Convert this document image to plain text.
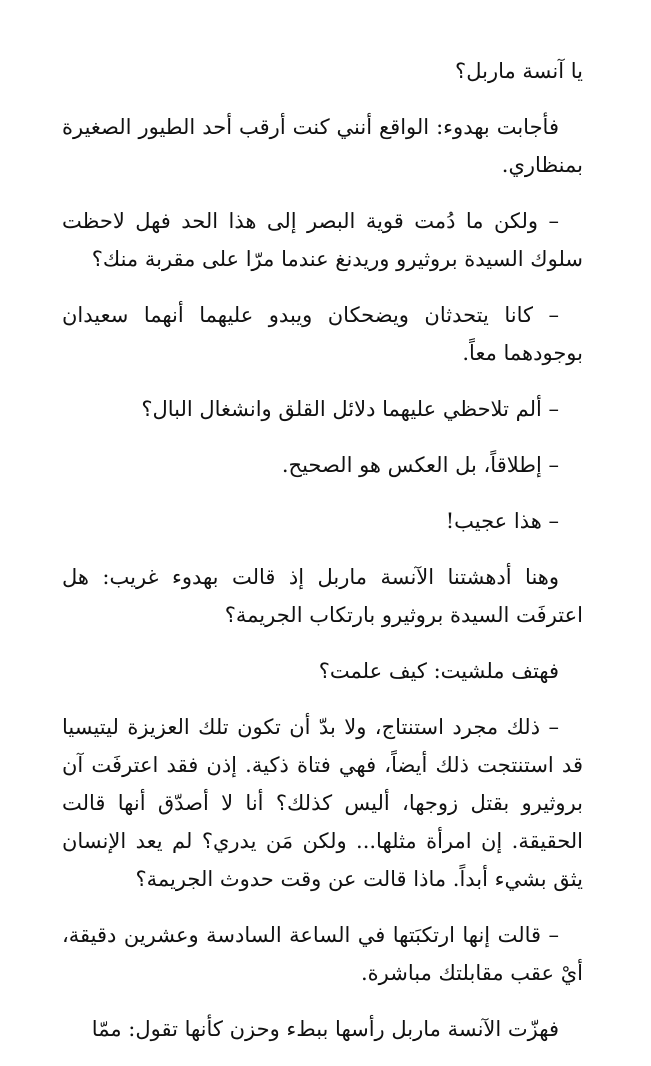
يا آنسة ماربل؟

فأجابت بهدوء: الواقع أنني كنت أرقب أحد الطيور الصغيرة بمنظاري.

– ولكن ما دُمت قوية البصر إلى هذا الحد فهل لاحظت سلوك السيدة بروثيرو وريدنغ عندما مرّا على مقربة منك؟

– كانا يتحدثان ويضحكان ويبدو عليهما أنهما سعيدان بوجودهما معاً.

– ألم تلاحظي عليهما دلائل القلق وانشغال البال؟

– إطلاقاً، بل العكس هو الصحيح.

– هذا عجيب!

وهنا أدهشتنا الآنسة ماربل إذ قالت بهدوء غريب: هل اعترفَت السيدة بروثيرو بارتكاب الجريمة؟

فهتف ملشيت: كيف علمت؟

– ذلك مجرد استنتاج، ولا بدّ أن تكون تلك العزيزة ليتيسيا قد استنتجت ذلك أيضاً، فهي فتاة ذكية. إذن فقد اعترفَت آن بروثيرو بقتل زوجها، أليس كذلك؟ أنا لا أصدّق أنها قالت الحقيقة. إن امرأة مثلها... ولكن مَن يدري؟ لم يعد الإنسان يثق بشيء أبداً. ماذا قالت عن وقت حدوث الجريمة؟

– قالت إنها ارتكبَتها في الساعة السادسة وعشرين دقيقة، أيْ عقب مقابلتك مباشرة.

فهزّت الآنسة ماربل رأسها ببطء وحزن كأنها تقول: ممّا
